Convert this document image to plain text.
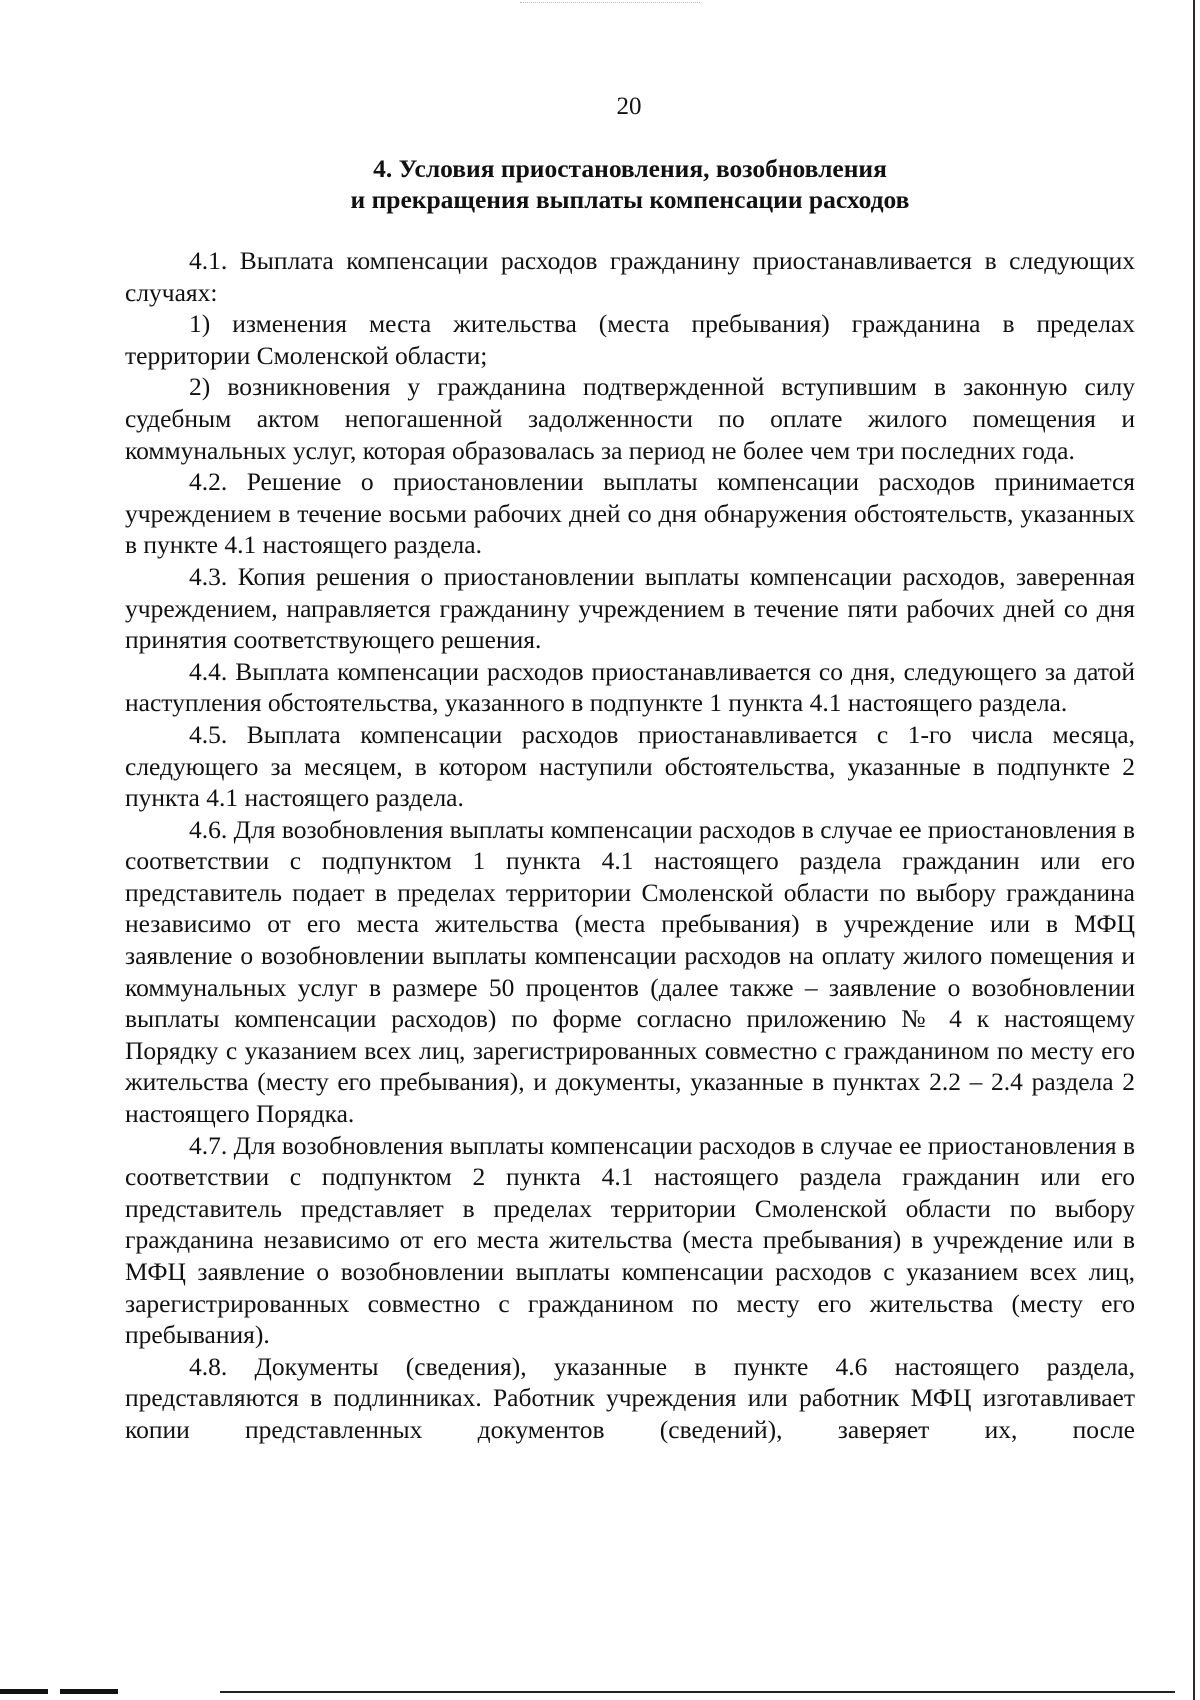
20
4. Условия приостановления, возобновления
и прекращения выплаты компенсации расходов

4.1. Выплата компенсации расходов гражданину приостанавливается в следующих случаях:

1) изменения места жительства (места пребывания) гражданина в пределах территории Смоленской области;

2) возникновения у гражданина подтвержденной вступившим в законную силу судебным актом непогашенной задолженности по оплате жилого помещения и коммунальных услуг, которая образовалась за период не более чем три последних года.

4.2. Решение о приостановлении выплаты компенсации расходов принимается учреждением в течение восьми рабочих дней со дня обнаружения обстоятельств, указанных в пункте 4.1 настоящего раздела.

4.3. Копия решения о приостановлении выплаты компенсации расходов, заверенная учреждением, направляется гражданину учреждением в течение пяти рабочих дней со дня принятия соответствующего решения.

4.4. Выплата компенсации расходов приостанавливается со дня, следующего за датой наступления обстоятельства, указанного в подпункте 1 пункта 4.1 настоящего раздела.

4.5. Выплата компенсации расходов приостанавливается с 1-го числа месяца, следующего за месяцем, в котором наступили обстоятельства, указанные в подпункте 2 пункта 4.1 настоящего раздела.

4.6. Для возобновления выплаты компенсации расходов в случае ее приостановления в соответствии с подпунктом 1 пункта 4.1 настоящего раздела гражданин или его представитель подает в пределах территории Смоленской области по выбору гражданина независимо от его места жительства (места пребывания) в учреждение или в МФЦ заявление о возобновлении выплаты компенсации расходов на оплату жилого помещения и коммунальных услуг в размере 50 процентов (далее также – заявление о возобновлении выплаты компенсации расходов) по форме согласно приложению № 4 к настоящему Порядку с указанием всех лиц, зарегистрированных совместно с гражданином по месту его жительства (месту его пребывания), и документы, указанные в пунктах 2.2 – 2.4 раздела 2 настоящего Порядка.

4.7. Для возобновления выплаты компенсации расходов в случае ее приостановления в соответствии с подпунктом 2 пункта 4.1 настоящего раздела гражданин или его представитель представляет в пределах территории Смоленской области по выбору гражданина независимо от его места жительства (места пребывания) в учреждение или в МФЦ заявление о возобновлении выплаты компенсации расходов с указанием всех лиц, зарегистрированных совместно с гражданином по месту его жительства (месту его пребывания).

4.8. Документы (сведения), указанные в пункте 4.6 настоящего раздела, представляются в подлинниках. Работник учреждения или работник МФЦ изготавливает копии представленных документов (сведений), заверяет их, после
